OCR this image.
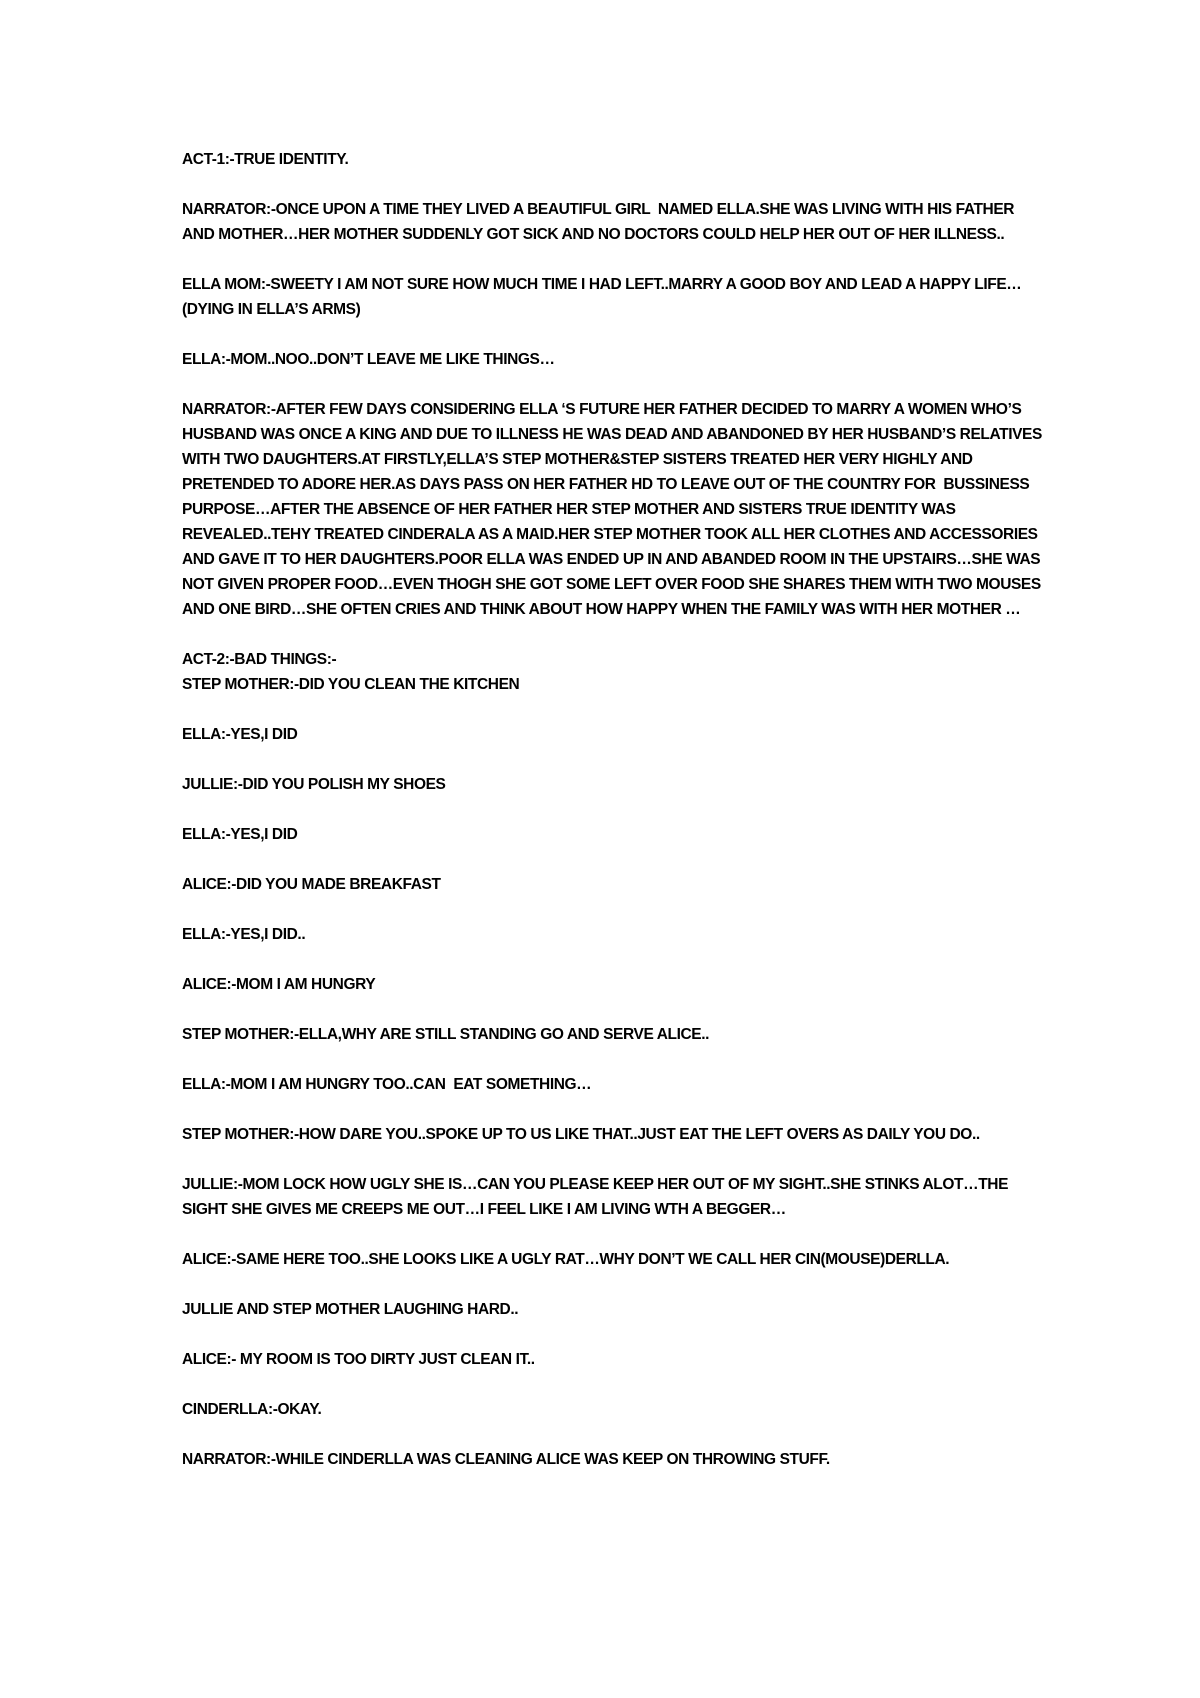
ACT-1:-TRUE IDENTITY.

NARRATOR:-ONCE UPON A TIME THEY LIVED A BEAUTIFUL GIRL  NAMED ELLA.SHE WAS LIVING WITH HIS FATHER AND MOTHER…HER MOTHER SUDDENLY GOT SICK AND NO DOCTORS COULD HELP HER OUT OF HER ILLNESS..

ELLA MOM:-SWEETY I AM NOT SURE HOW MUCH TIME I HAD LEFT..MARRY A GOOD BOY AND LEAD A HAPPY LIFE…(DYING IN ELLA’S ARMS)

ELLA:-MOM..NOO..DON’T LEAVE ME LIKE THINGS…

NARRATOR:-AFTER FEW DAYS CONSIDERING ELLA ‘S FUTURE HER FATHER DECIDED TO MARRY A WOMEN WHO’S HUSBAND WAS ONCE A KING AND DUE TO ILLNESS HE WAS DEAD AND ABANDONED BY HER HUSBAND’S RELATIVES WITH TWO DAUGHTERS.AT FIRSTLY,ELLA’S STEP MOTHER&STEP SISTERS TREATED HER VERY HIGHLY AND PRETENDED TO ADORE HER.AS DAYS PASS ON HER FATHER HD TO LEAVE OUT OF THE COUNTRY FOR  BUSSINESS PURPOSE…AFTER THE ABSENCE OF HER FATHER HER STEP MOTHER AND SISTERS TRUE IDENTITY WAS REVEALED..TEHY TREATED CINDERALA AS A MAID.HER STEP MOTHER TOOK ALL HER CLOTHES AND ACCESSORIES AND GAVE IT TO HER DAUGHTERS.POOR ELLA WAS ENDED UP IN AND ABANDED ROOM IN THE UPSTAIRS…SHE WAS NOT GIVEN PROPER FOOD…EVEN THOGH SHE GOT SOME LEFT OVER FOOD SHE SHARES THEM WITH TWO MOUSES AND ONE BIRD…SHE OFTEN CRIES AND THINK ABOUT HOW HAPPY WHEN THE FAMILY WAS WITH HER MOTHER …

ACT-2:-BAD THINGS:-

STEP MOTHER:-DID YOU CLEAN THE KITCHEN

ELLA:-YES,I DID

JULLIE:-DID YOU POLISH MY SHOES

ELLA:-YES,I DID

ALICE:-DID YOU MADE BREAKFAST

ELLA:-YES,I DID..

ALICE:-MOM I AM HUNGRY

STEP MOTHER:-ELLA,WHY ARE STILL STANDING GO AND SERVE ALICE..

ELLA:-MOM I AM HUNGRY TOO..CAN  EAT SOMETHING…

STEP MOTHER:-HOW DARE YOU..SPOKE UP TO US LIKE THAT..JUST EAT THE LEFT OVERS AS DAILY YOU DO..

JULLIE:-MOM LOCK HOW UGLY SHE IS…CAN YOU PLEASE KEEP HER OUT OF MY SIGHT..SHE STINKS ALOT…THE SIGHT SHE GIVES ME CREEPS ME OUT…I FEEL LIKE I AM LIVING WTH A BEGGER…

ALICE:-SAME HERE TOO..SHE LOOKS LIKE A UGLY RAT…WHY DON’T WE CALL HER CIN(MOUSE)DERLLA.

JULLIE AND STEP MOTHER LAUGHING HARD..

ALICE:- MY ROOM IS TOO DIRTY JUST CLEAN IT..

CINDERLLA:-OKAY.

NARRATOR:-WHILE CINDERLLA WAS CLEANING ALICE WAS KEEP ON THROWING STUFF.
